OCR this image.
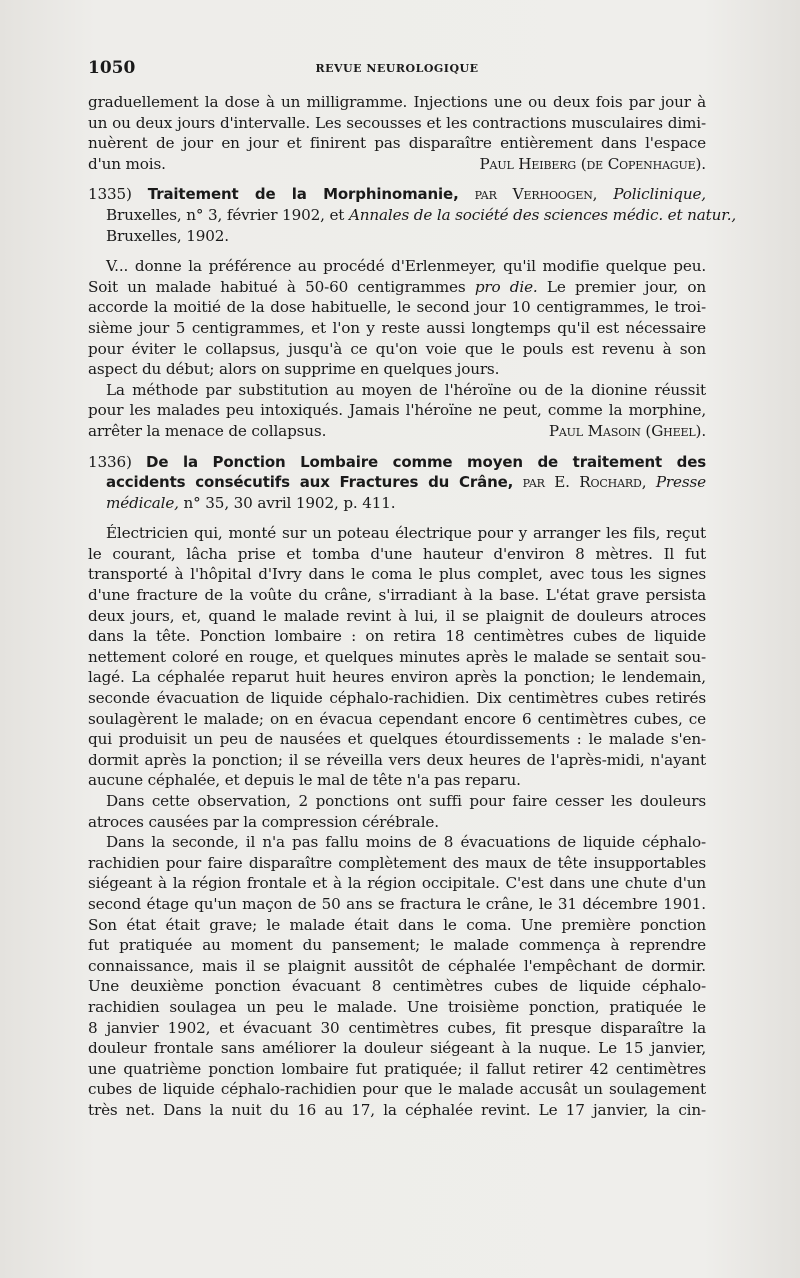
1050	REVUE NEUROLOGIQUE
graduellement la dose à un milligramme. Injections une ou deux fois par jour à
un ou deux jours d'intervalle. Les secousses et les contractions musculaires dimi-
nuèrent de jour en jour et finirent pas disparaître entièrement dans l'espace
d'un mois.	Paul Heiberg (de Copenhague).
1335) Traitement de la Morphinomanie, par Verhoogen, Policlinique,
Bruxelles, n° 3, février 1902, et Annales de la société des sciences médic. et natur.,
Bruxelles, 1902.
V... donne la préférence au procédé d'Erlenmeyer, qu'il modifie quelque peu.
Soit un malade habitué à 50-60 centigrammes pro die. Le premier jour, on
accorde la moitié de la dose habituelle, le second jour 10 centigrammes, le troi-
sième jour 5 centigrammes, et l'on y reste aussi longtemps qu'il est nécessaire
pour éviter le collapsus, jusqu'à ce qu'on voie que le pouls est revenu à son
aspect du début; alors on supprime en quelques jours.
La méthode par substitution au moyen de l'héroïne ou de la dionine réussit
pour les malades peu intoxiqués. Jamais l'héroïne ne peut, comme la morphine,
arrêter la menace de collapsus.	Paul Masoin (Gheel).
1336) De la Ponction Lombaire comme moyen de traitement des
accidents consécutifs aux Fractures du Crâne, par E. Rochard, Presse
médicale, n° 35, 30 avril 1902, p. 411.
Électricien qui, monté sur un poteau électrique pour y arranger les fils, reçut
le courant, lâcha prise et tomba d'une hauteur d'environ 8 mètres. Il fut
transporté à l'hôpital d'Ivry dans le coma le plus complet, avec tous les signes
d'une fracture de la voûte du crâne, s'irradiant à la base. L'état grave persista
deux jours, et, quand le malade revint à lui, il se plaignit de douleurs atroces
dans la tête. Ponction lombaire : on retira 18 centimètres cubes de liquide
nettement coloré en rouge, et quelques minutes après le malade se sentait sou-
lagé. La céphalée reparut huit heures environ après la ponction; le lendemain,
seconde évacuation de liquide céphalo-rachidien. Dix centimètres cubes retirés
soulagèrent le malade; on en évacua cependant encore 6 centimètres cubes, ce
qui produisit un peu de nausées et quelques étourdissements : le malade s'en-
dormit après la ponction; il se réveilla vers deux heures de l'après-midi, n'ayant
aucune céphalée, et depuis le mal de tête n'a pas reparu.
Dans cette observation, 2 ponctions ont suffi pour faire cesser les douleurs
atroces causées par la compression cérébrale.
Dans la seconde, il n'a pas fallu moins de 8 évacuations de liquide céphalo-
rachidien pour faire disparaître complètement des maux de tête insupportables
siégeant à la région frontale et à la région occipitale. C'est dans une chute d'un
second étage qu'un maçon de 50 ans se fractura le crâne, le 31 décembre 1901.
Son état était grave; le malade était dans le coma. Une première ponction
fut pratiquée au moment du pansement; le malade commença à reprendre
connaissance, mais il se plaignit aussitôt de céphalée l'empêchant de dormir.
Une deuxième ponction évacuant 8 centimètres cubes de liquide céphalo-
rachidien soulagea un peu le malade. Une troisième ponction, pratiquée le
8 janvier 1902, et évacuant 30 centimètres cubes, fit presque disparaître la
douleur frontale sans améliorer la douleur siégeant à la nuque. Le 15 janvier,
une quatrième ponction lombaire fut pratiquée; il fallut retirer 42 centimètres
cubes de liquide céphalo-rachidien pour que le malade accusât un soulagement
très net. Dans la nuit du 16 au 17, la céphalée revint. Le 17 janvier, la cin-
